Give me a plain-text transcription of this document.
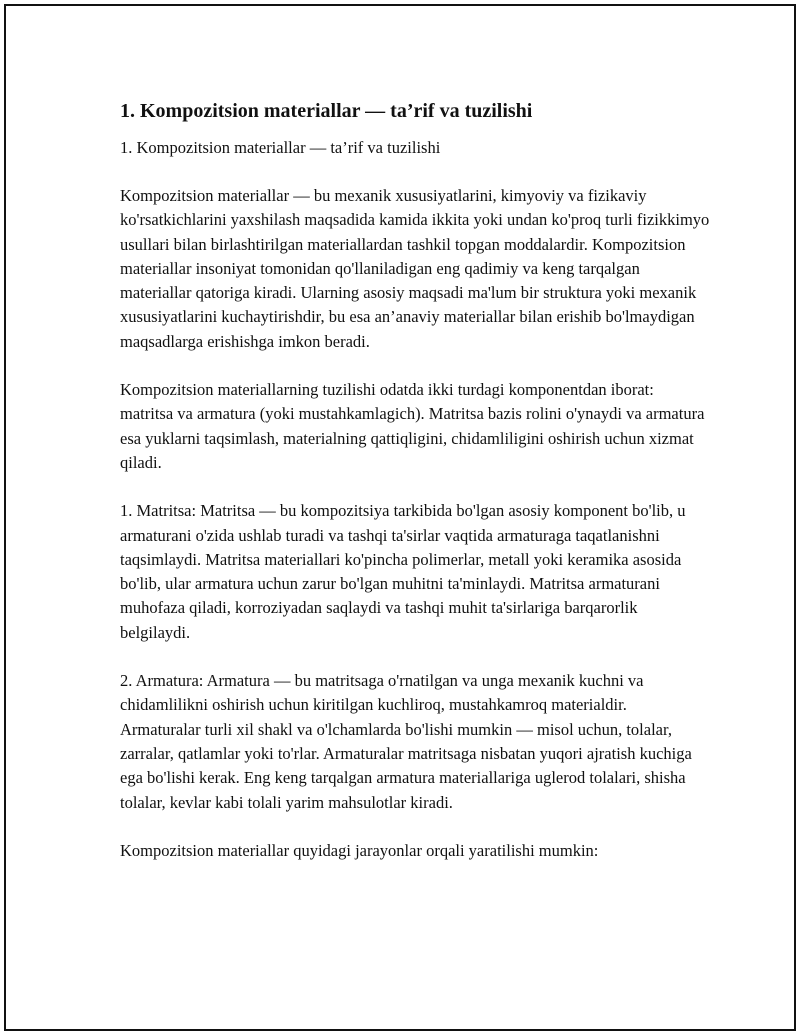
1. Kompozitsion materiallar — ta’rif va tuzilishi
1. Kompozitsion materiallar — ta’rif va tuzilishi

Kompozitsion materiallar — bu mexanik xususiyatlarini, kimyoviy va fizikaviy ko'rsatkichlarini yaxshilash maqsadida kamida ikkita yoki undan ko'proq turli fizikkimyo usullari bilan birlashtirilgan materiallardan tashkil topgan moddalardir. Kompozitsion materiallar insoniyat tomonidan qo'llaniladigan eng qadimiy va keng tarqalgan materiallar qatoriga kiradi. Ularning asosiy maqsadi ma'lum bir struktura yoki mexanik xususiyatlarini kuchaytirishdir, bu esa an’anaviy materiallar bilan erishib bo'lmaydigan maqsadlarga erishishga imkon beradi.

Kompozitsion materiallarning tuzilishi odatda ikki turdagi komponentdan iborat: matritsa va armatura (yoki mustahkamlagich). Matritsa bazis rolini o'ynaydi va armatura esa yuklarni taqsimlash, materialning qattiqligini, chidamliligini oshirish uchun xizmat qiladi.

1. Matritsa: Matritsa — bu kompozitsiya tarkibida bo'lgan asosiy komponent bo'lib, u armaturani o'zida ushlab turadi va tashqi ta'sirlar vaqtida armaturaga taqatlanishni taqsimlaydi. Matritsa materiallari ko'pincha polimerlar, metall yoki keramika asosida bo'lib, ular armatura uchun zarur bo'lgan muhitni ta'minlaydi. Matritsa armaturani muhofaza qiladi, korroziyadan saqlaydi va tashqi muhit ta'sirlariga barqarorlik belgilaydi.

2. Armatura: Armatura — bu matritsaga o'rnatilgan va unga mexanik kuchni va chidamlilikni oshirish uchun kiritilgan kuchliroq, mustahkamroq materialdir. Armaturalar turli xil shakl va o'lchamlarda bo'lishi mumkin — misol uchun, tolalar, zarralar, qatlamlar yoki to'rlar. Armaturalar matritsaga nisbatan yuqori ajratish kuchiga ega bo'lishi kerak. Eng keng tarqalgan armatura materiallariga uglerod tolalari, shisha tolalar, kevlar kabi tolali yarim mahsulotlar kiradi.

Kompozitsion materiallar quyidagi jarayonlar orqali yaratilishi mumkin:
